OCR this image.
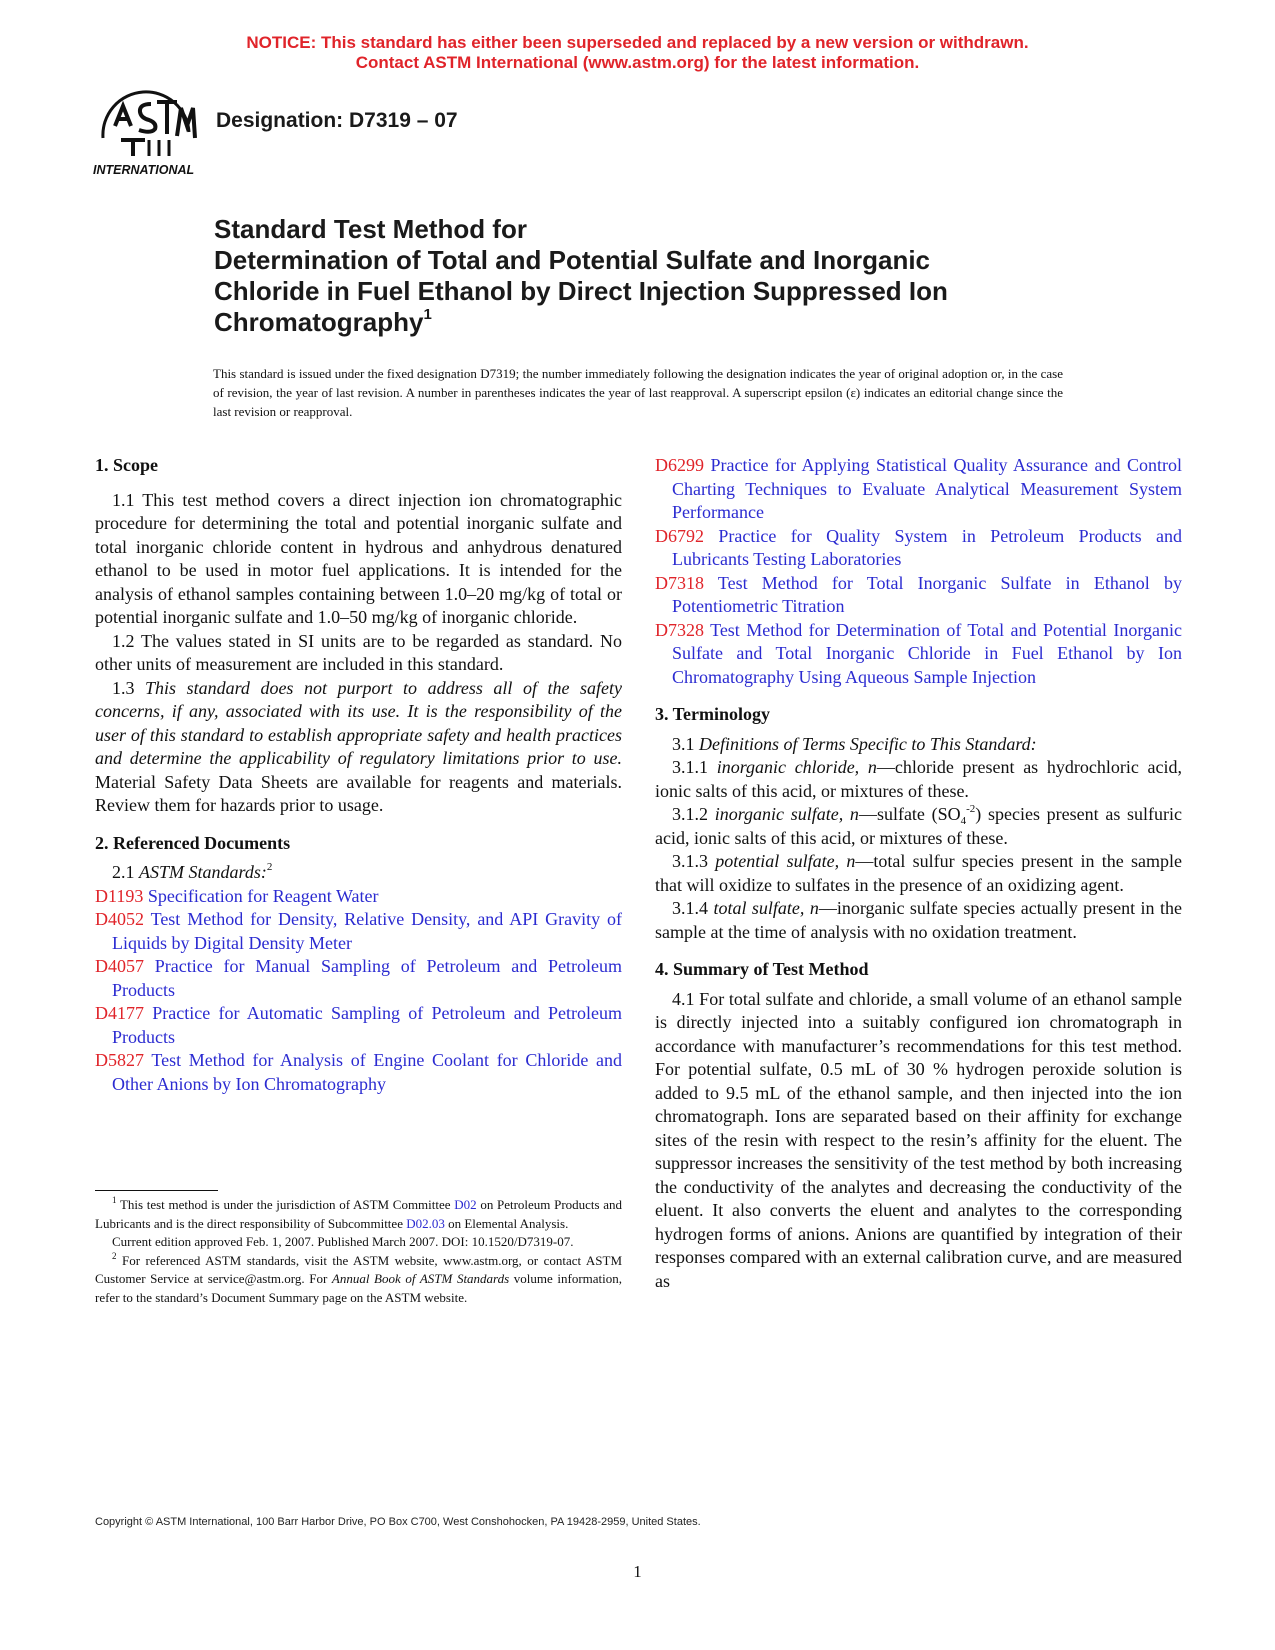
NOTICE: This standard has either been superseded and replaced by a new version or withdrawn.
Contact ASTM International (www.astm.org) for the latest information.
INTERNATIONAL
Designation: D7319 – 07
Standard Test Method for
Determination of Total and Potential Sulfate and Inorganic
Chloride in Fuel Ethanol by Direct Injection Suppressed Ion
Chromatography$^1$
This standard is issued under the fixed designation D7319; the number immediately following the designation indicates the year of original adoption or, in the case of revision, the year of last revision. A number in parentheses indicates the year of last reapproval. A superscript epsilon (ε) indicates an editorial change since the last revision or reapproval.

1. Scope

1.1 This test method covers a direct injection ion chromatographic procedure for determining the total and potential inorganic sulfate and total inorganic chloride content in hydrous and anhydrous denatured ethanol to be used in motor fuel applications. It is intended for the analysis of ethanol samples containing between 1.0–20 mg/kg of total or potential inorganic sulfate and 1.0–50 mg/kg of inorganic chloride.

1.2 The values stated in SI units are to be regarded as standard. No other units of measurement are included in this standard.

1.3 This standard does not purport to address all of the safety concerns, if any, associated with its use. It is the responsibility of the user of this standard to establish appropriate safety and health practices and determine the applicability of regulatory limitations prior to use. Material Safety Data Sheets are available for reagents and materials. Review them for hazards prior to usage.

2. Referenced Documents

2.1 ASTM Standards:$^2$

D1193 Specification for Reagent Water

D4052 Test Method for Density, Relative Density, and API Gravity of Liquids by Digital Density Meter

D4057 Practice for Manual Sampling of Petroleum and Petroleum Products

D4177 Practice for Automatic Sampling of Petroleum and Petroleum Products

D5827 Test Method for Analysis of Engine Coolant for Chloride and Other Anions by Ion Chromatography

$^1$ This test method is under the jurisdiction of ASTM Committee D02 on Petroleum Products and Lubricants and is the direct responsibility of Subcommittee D02.03 on Elemental Analysis.

Current edition approved Feb. 1, 2007. Published March 2007. DOI: 10.1520/D7319-07.

$^2$ For referenced ASTM standards, visit the ASTM website, www.astm.org, or contact ASTM Customer Service at service@astm.org. For Annual Book of ASTM Standards volume information, refer to the standard’s Document Summary page on the ASTM website.

D6299 Practice for Applying Statistical Quality Assurance and Control Charting Techniques to Evaluate Analytical Measurement System Performance

D6792 Practice for Quality System in Petroleum Products and Lubricants Testing Laboratories

D7318 Test Method for Total Inorganic Sulfate in Ethanol by Potentiometric Titration

D7328 Test Method for Determination of Total and Potential Inorganic Sulfate and Total Inorganic Chloride in Fuel Ethanol by Ion Chromatography Using Aqueous Sample Injection

3. Terminology

3.1 Definitions of Terms Specific to This Standard:

3.1.1 inorganic chloride, n—chloride present as hydrochloric acid, ionic salts of this acid, or mixtures of these.

3.1.2 inorganic sulfate, n—sulfate $(SO_4^{-2})$ species present as sulfuric acid, ionic salts of this acid, or mixtures of these.

3.1.3 potential sulfate, n—total sulfur species present in the sample that will oxidize to sulfates in the presence of an oxidizing agent.

3.1.4 total sulfate, n—inorganic sulfate species actually present in the sample at the time of analysis with no oxidation treatment.

4. Summary of Test Method

4.1 For total sulfate and chloride, a small volume of an ethanol sample is directly injected into a suitably configured ion chromatograph in accordance with manufacturer’s recommendations for this test method. For potential sulfate, 0.5 mL of 30 % hydrogen peroxide solution is added to 9.5 mL of the ethanol sample, and then injected into the ion chromatograph. Ions are separated based on their affinity for exchange sites of the resin with respect to the resin’s affinity for the eluent. The suppressor increases the sensitivity of the test method by both increasing the conductivity of the analytes and decreasing the conductivity of the eluent. It also converts the eluent and analytes to the corresponding hydrogen forms of anions. Anions are quantified by integration of their responses compared with an external calibration curve, and are measured as

Copyright © ASTM International, 100 Barr Harbor Drive, PO Box C700, West Conshohocken, PA 19428-2959, United States.
1
